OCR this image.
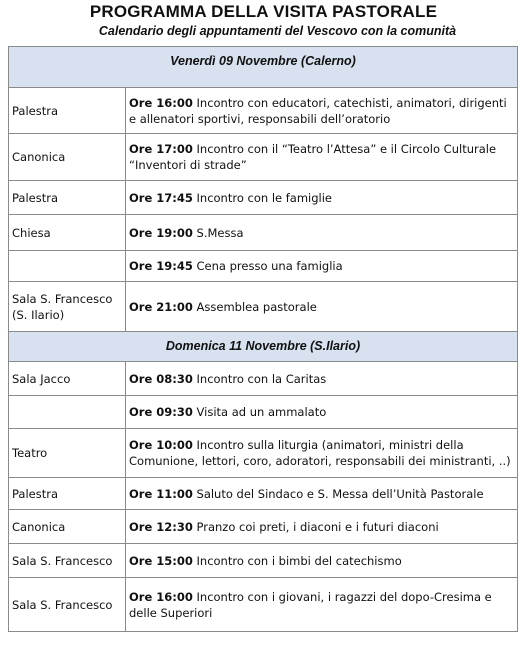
PROGRAMMA DELLA VISITA PASTORALE
Calendario degli appuntamenti del Vescovo con la comunità
Venerdì 09 Novembre (Calerno)	
Palestra	Ore 16:00 Incontro con educatori, catechisti, animatori, dirigenti e allenatori sportivi, responsabili dell’oratorio
Canonica	Ore 17:00 Incontro con il “Teatro l’Attesa” e il Circolo Culturale “Inventori di strade”
Palestra	Ore 17:45 Incontro con le famiglie
Chiesa	Ore 19:00 S.Messa
	Ore 19:45 Cena presso una famiglia
Sala S. Francesco (S. Ilario)	Ore 21:00 Assemblea pastorale
Domenica 11 Novembre (S.Ilario)	
Sala Jacco	Ore 08:30 Incontro con la Caritas
	Ore 09:30 Visita ad un ammalato
Teatro	Ore 10:00 Incontro sulla liturgia (animatori, ministri della Comunione, lettori, coro, adoratori, responsabili dei ministranti, ..)
Palestra	Ore 11:00 Saluto del Sindaco e S. Messa dell’Unità Pastorale
Canonica	Ore 12:30 Pranzo coi preti, i diaconi e i futuri diaconi
Sala S. Francesco	Ore 15:00 Incontro con i bimbi del catechismo
Sala S. Francesco	Ore 16:00 Incontro con i giovani, i ragazzi del dopo-Cresima e delle Superiori
